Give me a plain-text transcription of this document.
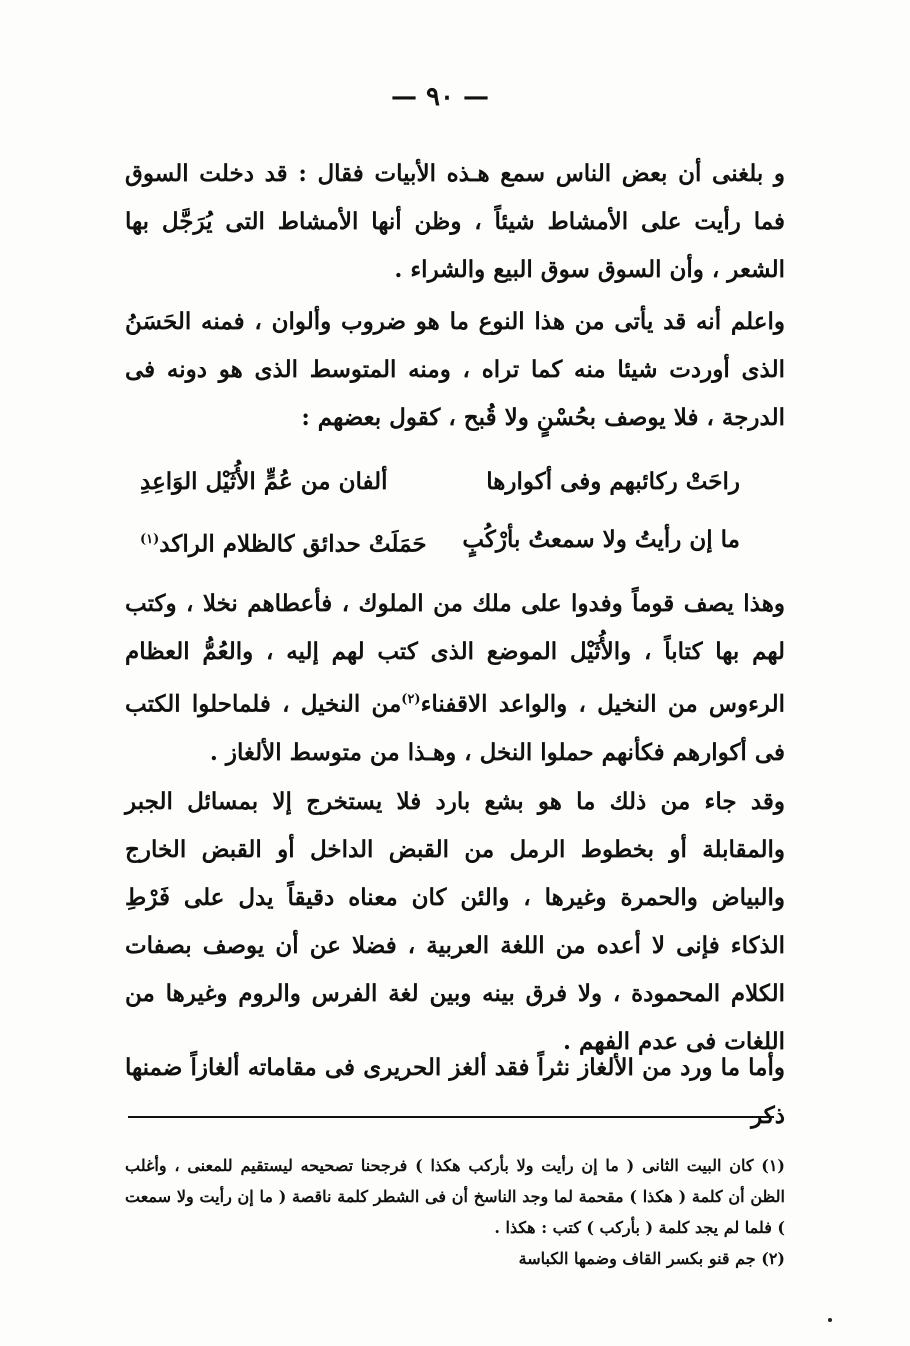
— ٩٠ —

و بلغنى أن بعض الناس سمع هـذه الأبيات فقال : قد دخلت السوق فما رأيت على الأمشاط شيئاً ، وظن أنها الأمشاط التى يُرَجَّل بها الشعر ، وأن السوق سوق البيع والشراء .

واعلم أنه قد يأتى من هذا النوع ما هو ضروب وألوان ، فمنه الحَسَنُ الذى أوردت شيئا منه كما تراه ، ومنه المتوسط الذى هو دونه فى الدرجة ، فلا يوصف بحُسْنٍ ولا قُبح ، كقول بعضهم :

راحَتْ ركائبهم وفى أكوارها
ألفان من عُمٍّ الأُثَيْل الوَاعِدِ
ما إن رأيتُ ولا سمعتُ بأرْكُبٍ
حَمَلَتْ حدائق كالظلام الراكد$^{(١)}$

وهذا يصف قوماً وفدوا على ملك من الملوك ، فأعطاهم نخلا ، وكتب لهم بها كتاباً ، والأُثَيْل الموضع الذى كتب لهم إليه ، والعُمُّ العظام الرءوس من النخيل ، والواعد الاقفناء$^{(٢)}$من النخيل ، فلماحلوا الكتب فى أكوارهم فكأنهم حملوا النخل ، وهـذا من متوسط الألغاز .

وقد جاء من ذلك ما هو بشع بارد فلا يستخرج إلا بمسائل الجبر والمقابلة أو بخطوط الرمل من القبض الداخل أو القبض الخارج والبياض والحمرة وغيرها ، والئن كان معناه دقيقاً يدل على فَرْطِ الذكاء فإنى لا أعده من اللغة العربية ، فضلا عن أن يوصف بصفات الكلام المحمودة ، ولا فرق بينه وبين لغة الفرس والروم وغيرها من اللغات فى عدم الفهم .

وأما ما ورد من الألغاز نثراً فقد ألغز الحريرى فى مقاماته ألغازاً ضمنها ذكر

(١) كان البيت الثانى ( ما إن رأيت ولا بأركب هكذا ) فرجحنا تصحيحه ليستقيم للمعنى ، وأغلب الظن أن كلمة ( هكذا ) مقحمة لما وجد الناسخ أن فى الشطر كلمة ناقصة ( ما إن رأيت ولا سمعت ) فلما لم يجد كلمة ( بأركب ) كتب : هكذا .

(٢) جم قنو بكسر القاف وضمها الكباسة
